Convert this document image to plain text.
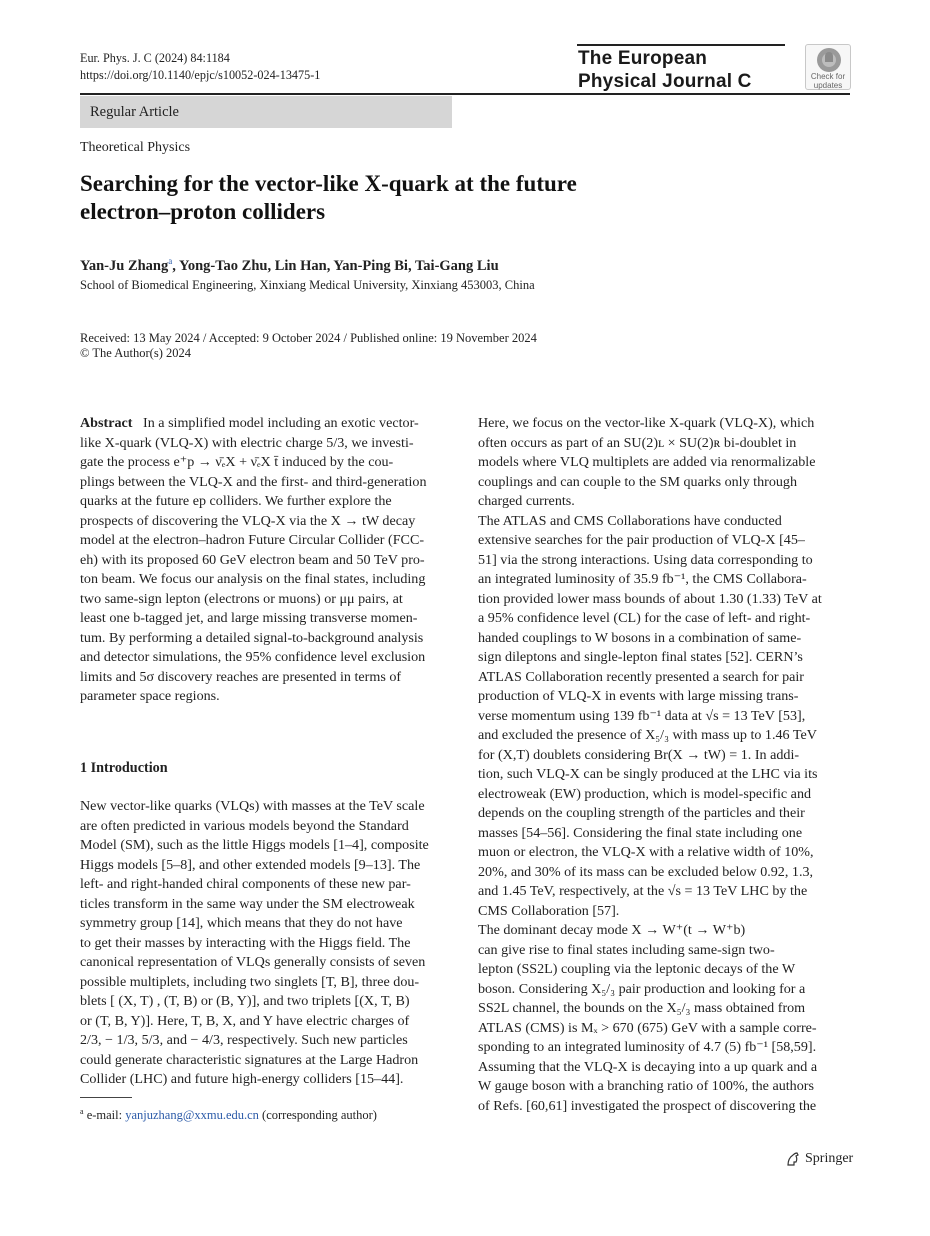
Eur. Phys. J. C (2024) 84:1184
https://doi.org/10.1140/epjc/s10052-024-13475-1
The European
Physical Journal C	Check for updates
Regular Article
Theoretical Physics
Searching for the vector-like X-quark at the future
electron–proton colliders
Yan-Ju Zhang$^a$, Yong-Tao Zhu, Lin Han, Yan-Ping Bi, Tai-Gang Liu
School of Biomedical Engineering, Xinxiang Medical University, Xinxiang 453003, China
Received: 13 May 2024 / Accepted: 9 October 2024 / Published online: 19 November 2024
© The Author(s) 2024
Abstract In a simplified model including an exotic vector-
like X-quark (VLQ-X) with electric charge 5/3, we investi-
gate the process e⁺p → ν̄ₑX + ν̄ₑX t̄ induced by the cou-
plings between the VLQ-X and the first- and third-generation
quarks at the future ep colliders. We further explore the
prospects of discovering the VLQ-X via the X → tW decay
model at the electron–hadron Future Circular Collider (FCC-
eh) with its proposed 60 GeV electron beam and 50 TeV pro-
ton beam. We focus our analysis on the final states, including
two same-sign lepton (electrons or muons) or μμ pairs, at
least one b-tagged jet, and large missing transverse momen-
tum. By performing a detailed signal-to-background analysis
and detector simulations, the 95% confidence level exclusion
limits and 5σ discovery reaches are presented in terms of
parameter space regions.
1 Introduction
New vector-like quarks (VLQs) with masses at the TeV scale
are often predicted in various models beyond the Standard
Model (SM), such as the little Higgs models [1–4], composite
Higgs models [5–8], and other extended models [9–13]. The
left- and right-handed chiral components of these new par-
ticles transform in the same way under the SM electroweak
symmetry group [14], which means that they do not have
to get their masses by interacting with the Higgs field. The
canonical representation of VLQs generally consists of seven
possible multiplets, including two singlets [T, B], three dou-
blets [ (X, T) , (T, B) or (B, Y)], and two triplets [(X, T, B)
or (T, B, Y)]. Here, T, B, X, and Y have electric charges of
2/3, − 1/3, 5/3, and − 4/3, respectively. Such new particles
could generate characteristic signatures at the Large Hadron
Collider (LHC) and future high-energy colliders [15–44].
Here, we focus on the vector-like X-quark (VLQ-X), which
often occurs as part of an SU(2)ʟ × SU(2)ʀ bi-doublet in
models where VLQ multiplets are added via renormalizable
couplings and can couple to the SM quarks only through
charged currents.
The ATLAS and CMS Collaborations have conducted
extensive searches for the pair production of VLQ-X [45–
51] via the strong interactions. Using data corresponding to
an integrated luminosity of 35.9 fb⁻¹, the CMS Collabora-
tion provided lower mass bounds of about 1.30 (1.33) TeV at
a 95% confidence level (CL) for the case of left- and right-
handed couplings to W bosons in a combination of same-
sign dileptons and single-lepton final states [52]. CERN’s
ATLAS Collaboration recently presented a search for pair
production of VLQ-X in events with large missing trans-
verse momentum using 139 fb⁻¹ data at √s = 13 TeV [53],
and excluded the presence of X₅/₃ with mass up to 1.46 TeV
for (X,T) doublets considering Br(X → tW) = 1. In addi-
tion, such VLQ-X can be singly produced at the LHC via its
electroweak (EW) production, which is model-specific and
depends on the coupling strength of the particles and their
masses [54–56]. Considering the final state including one
muon or electron, the VLQ-X with a relative width of 10%,
20%, and 30% of its mass can be excluded below 0.92, 1.3,
and 1.45 TeV, respectively, at the √s = 13 TeV LHC by the
CMS Collaboration [57].
The dominant decay mode X → W⁺(t → W⁺b)
can give rise to final states including same-sign two-
lepton (SS2L) coupling via the leptonic decays of the W
boson. Considering X₅/₃ pair production and looking for a
SS2L channel, the bounds on the X₅/₃ mass obtained from
ATLAS (CMS) is Mₓ > 670 (675) GeV with a sample corre-
sponding to an integrated luminosity of 4.7 (5) fb⁻¹ [58,59].
Assuming that the VLQ-X is decaying into a up quark and a
W gauge boson with a branching ratio of 100%, the authors
of Refs. [60,61] investigated the prospect of discovering the
$^a$ e-mail: yanjuzhang@xxmu.edu.cn (corresponding author)
Springer
